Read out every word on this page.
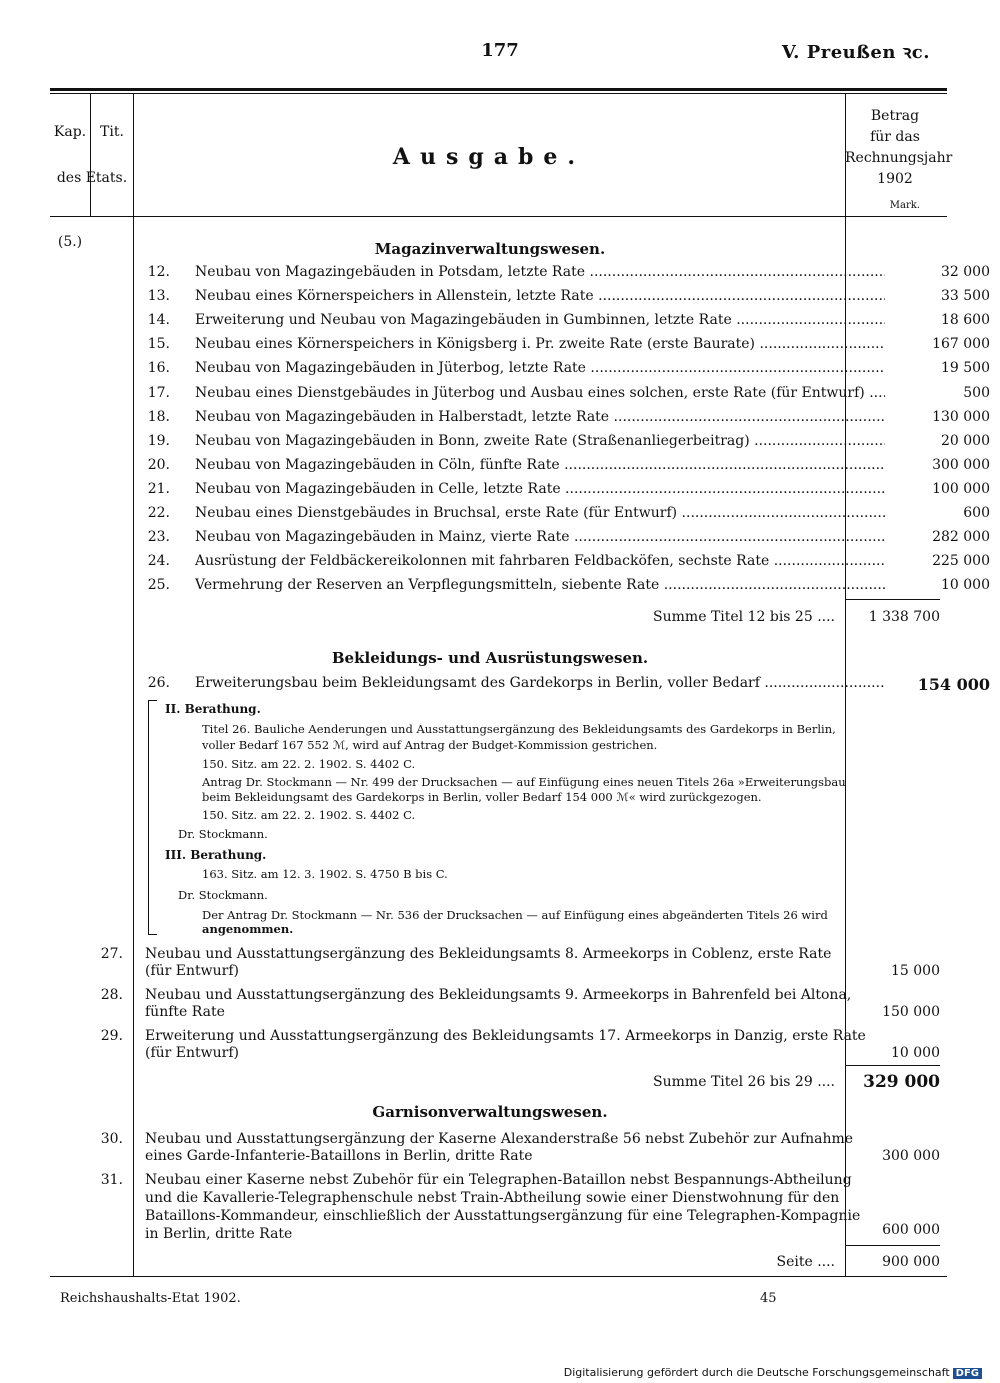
177	V. Preußen ꝛc.
Kap. Tit.
des Etats.
Ausgabe.
Betrag
für das
Rechnungsjahr
1902
Mark.
(5.)	Magazinverwaltungswesen.
12. Neubau von Magazingebäuden in Potsdam, letzte Rate .....	32 000
13. Neubau eines Körnerspeichers in Allenstein, letzte Rate .....	33 500
14. Erweiterung und Neubau von Magazingebäuden in Gumbinnen, letzte Rate .....	18 600
15. Neubau eines Körnerspeichers in Königsberg i. Pr. zweite Rate (erste Baurate) .....	167 000
16. Neubau von Magazingebäuden in Jüterbog, letzte Rate .....	19 500
17. Neubau eines Dienstgebäudes in Jüterbog und Ausbau eines solchen, erste Rate (für Entwurf) .....	500
18. Neubau von Magazingebäuden in Halberstadt, letzte Rate .....	130 000
19. Neubau von Magazingebäuden in Bonn, zweite Rate (Straßenanliegerbeitrag) .....	20 000
20. Neubau von Magazingebäuden in Cöln, fünfte Rate .....	300 000
21. Neubau von Magazingebäuden in Celle, letzte Rate .....	100 000
22. Neubau eines Dienstgebäudes in Bruchsal, erste Rate (für Entwurf) .....	600
23. Neubau von Magazingebäuden in Mainz, vierte Rate .....	282 000
24. Ausrüstung der Feldbäckereikolonnen mit fahrbaren Feldbacköfen, sechste Rate .....	225 000
25. Vermehrung der Reserven an Verpflegungsmitteln, siebente Rate .....	10 000
Summe Titel 12 bis 25 ....	1 338 700
Bekleidungs- und Ausrüstungswesen.
26. Erweiterungsbau beim Bekleidungsamt des Gardekorps in Berlin, voller Bedarf .....	154 000
II. Berathung.
Titel 26. Bauliche Aenderungen und Ausstattungsergänzung des Bekleidungsamts des Gardekorps in Berlin,
voller Bedarf 167 552 ℳ, wird auf Antrag der Budget-Kommission gestrichen.
150. Sitz. am 22. 2. 1902. S. 4402 C.
Antrag Dr. Stockmann — Nr. 499 der Drucksachen — auf Einfügung eines neuen Titels 26a »Erweiterungsbau
beim Bekleidungsamt des Gardekorps in Berlin, voller Bedarf 154 000 ℳ« wird zurückgezogen.
150. Sitz. am 22. 2. 1902. S. 4402 C.
Dr. Stockmann.
III. Berathung.
163. Sitz. am 12. 3. 1902. S. 4750 B bis C.
Dr. Stockmann.
Der Antrag Dr. Stockmann — Nr. 536 der Drucksachen — auf Einfügung eines abgeänderten Titels 26 wird
angenommen.
27. Neubau und Ausstattungsergänzung des Bekleidungsamts 8. Armeekorps in Coblenz, erste Rate
(für Entwurf)	15 000
28. Neubau und Ausstattungsergänzung des Bekleidungsamts 9. Armeekorps in Bahrenfeld bei Altona,
fünfte Rate	150 000
29. Erweiterung und Ausstattungsergänzung des Bekleidungsamts 17. Armeekorps in Danzig, erste Rate
(für Entwurf)	10 000
Summe Titel 26 bis 29 ....	329 000
Garnisonverwaltungswesen.
30. Neubau und Ausstattungsergänzung der Kaserne Alexanderstraße 56 nebst Zubehör zur Aufnahme
eines Garde-Infanterie-Bataillons in Berlin, dritte Rate	300 000
31. Neubau einer Kaserne nebst Zubehör für ein Telegraphen-Bataillon nebst Bespannungs-Abtheilung
und die Kavallerie-Telegraphenschule nebst Train-Abtheilung sowie einer Dienstwohnung für den
Bataillons-Kommandeur, einschließlich der Ausstattungsergänzung für eine Telegraphen-Kompagnie
in Berlin, dritte Rate	600 000
Seite ....	900 000
Reichshaushalts-Etat 1902.	45
Digitalisierung gefördert durch die Deutsche Forschungsgemeinschaft DFG
